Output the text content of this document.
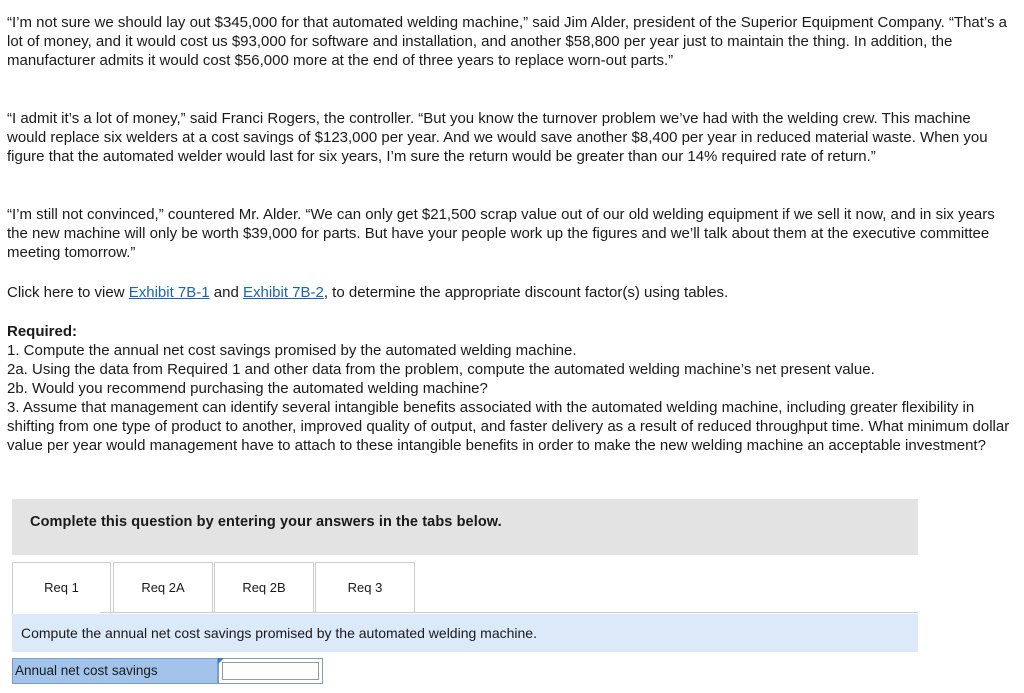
“I’m not sure we should lay out $345,000 for that automated welding machine,” said Jim Alder, president of the Superior Equipment Company. “That’s a lot of money, and it would cost us $93,000 for software and installation, and another $58,800 per year just to maintain the thing. In addition, the manufacturer admits it would cost $56,000 more at the end of three years to replace worn-out parts.”
“I admit it’s a lot of money,” said Franci Rogers, the controller. “But you know the turnover problem we’ve had with the welding crew. This machine would replace six welders at a cost savings of $123,000 per year. And we would save another $8,400 per year in reduced material waste. When you figure that the automated welder would last for six years, I’m sure the return would be greater than our 14% required rate of return.”
“I’m still not convinced,” countered Mr. Alder. “We can only get $21,500 scrap value out of our old welding equipment if we sell it now, and in six years the new machine will only be worth $39,000 for parts. But have your people work up the figures and we’ll talk about them at the executive committee meeting tomorrow.”
Click here to view Exhibit 7B-1 and Exhibit 7B-2, to determine the appropriate discount factor(s) using tables.
Required:
1. Compute the annual net cost savings promised by the automated welding machine.
2a. Using the data from Required 1 and other data from the problem, compute the automated welding machine’s net present value.
2b. Would you recommend purchasing the automated welding machine?
3. Assume that management can identify several intangible benefits associated with the automated welding machine, including greater flexibility in shifting from one type of product to another, improved quality of output, and faster delivery as a result of reduced throughput time. What minimum dollar value per year would management have to attach to these intangible benefits in order to make the new welding machine an acceptable investment?
Complete this question by entering your answers in the tabs below.
Req 1	Req 2A	Req 2B	Req 3
Compute the annual net cost savings promised by the automated welding machine.
Annual net cost savings
